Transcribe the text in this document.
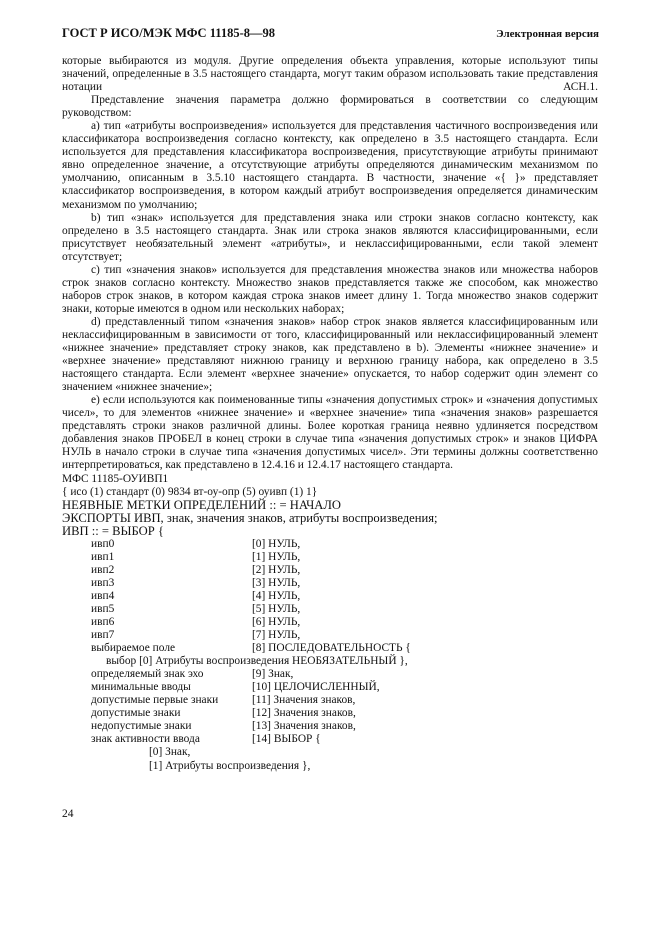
ГОСТ Р ИСО/МЭК МФС 11185-8—98	Электронная версия

которые выбираются из модуля. Другие определения объекта управления, которые используют типы значений, определенные в 3.5 настоящего стандарта, могут таким образом использовать такие представления нотации АСН.1.

Представление значения параметра должно формироваться в соответствии со следующим руководством:

а) тип «атрибуты воспроизведения» используется для представления частичного воспроизведения или классификатора воспроизведения согласно контексту, как определено в 3.5 настоящего стандарта. Если используется для представления классификатора воспроизведения, присутствующие атрибуты принимают явно определенное значение, а отсутствующие атрибуты определяются динамическим механизмом по умолчанию, описанным в 3.5.10 настоящего стандарта. В частности, значение «{ }» представляет классификатор воспроизведения, в котором каждый атрибут воспроизведения определяется динамическим механизмом по умолчанию;

b) тип «знак» используется для представления знака или строки знаков согласно контексту, как определено в 3.5 настоящего стандарта. Знак или строка знаков являются классифицированными, если присутствует необязательный элемент «атрибуты», и неклассифицированными, если такой элемент отсутствует;

c) тип «значения знаков» используется для представления множества знаков или множества наборов строк знаков согласно контексту. Множество знаков представляется также же способом, как множество наборов строк знаков, в котором каждая строка знаков имеет длину 1. Тогда множество знаков содержит знаки, которые имеются в одном или нескольких наборах;

d) представленный типом «значения знаков» набор строк знаков является классифицированным или неклассифицированным в зависимости от того, классифицированный или неклассифицированный элемент «нижнее значение» представляет строку знаков, как представлено в b). Элементы «нижнее значение» и «верхнее значение» представляют нижнюю границу и верхнюю границу набора, как определено в 3.5 настоящего стандарта. Если элемент «верхнее значение» опускается, то набор содержит один элемент со значением «нижнее значение»;

e) если используются как поименованные типы «значения допустимых строк» и «значения допустимых чисел», то для элементов «нижнее значение» и «верхнее значение» типа «значения знаков» разрешается представлять строки знаков различной длины. Более короткая граница неявно удлиняется посредством добавления знаков ПРОБЕЛ в конец строки в случае типа «значения допустимых строк» и знаков ЦИФРА НУЛЬ в начало строки в случае типа «значения допустимых чисел». Эти термины должны соответственно интерпретироваться, как представлено в 12.4.16 и 12.4.17 настоящего стандарта.

МФС 11185-ОУИВП1
{ исо (1) стандарт (0) 9834 вт-оу-опр (5) оуивп (1) 1}
НЕЯВНЫЕ МЕТКИ ОПРЕДЕЛЕНИЙ :: = НАЧАЛО
ЭКСПОРТЫ ИВП, знак, значения знаков, атрибуты воспроизведения;
ИВП :: = ВЫБОР {
ивп0	[0] НУЛЬ,
ивп1	[1] НУЛЬ,
ивп2	[2] НУЛЬ,
ивп3	[3] НУЛЬ,
ивп4	[4] НУЛЬ,
ивп5	[5] НУЛЬ,
ивп6	[6] НУЛЬ,
ивп7	[7] НУЛЬ,
выбираемое поле	[8] ПОСЛЕДОВАТЕЛЬНОСТЬ {
выбор [0] Атрибуты воспроизведения НЕОБЯЗАТЕЛЬНЫЙ },
определяемый знак эхо	[9] Знак,
минимальные вводы	[10] ЦЕЛОЧИСЛЕННЫЙ,
допустимые первые знаки	[11] Значения знаков,
допустимые знаки	[12] Значения знаков,
недопустимые знаки	[13] Значения знаков,
знак активности ввода	[14] ВЫБОР {
[0] Знак,
[1] Атрибуты воспроизведения },
24
